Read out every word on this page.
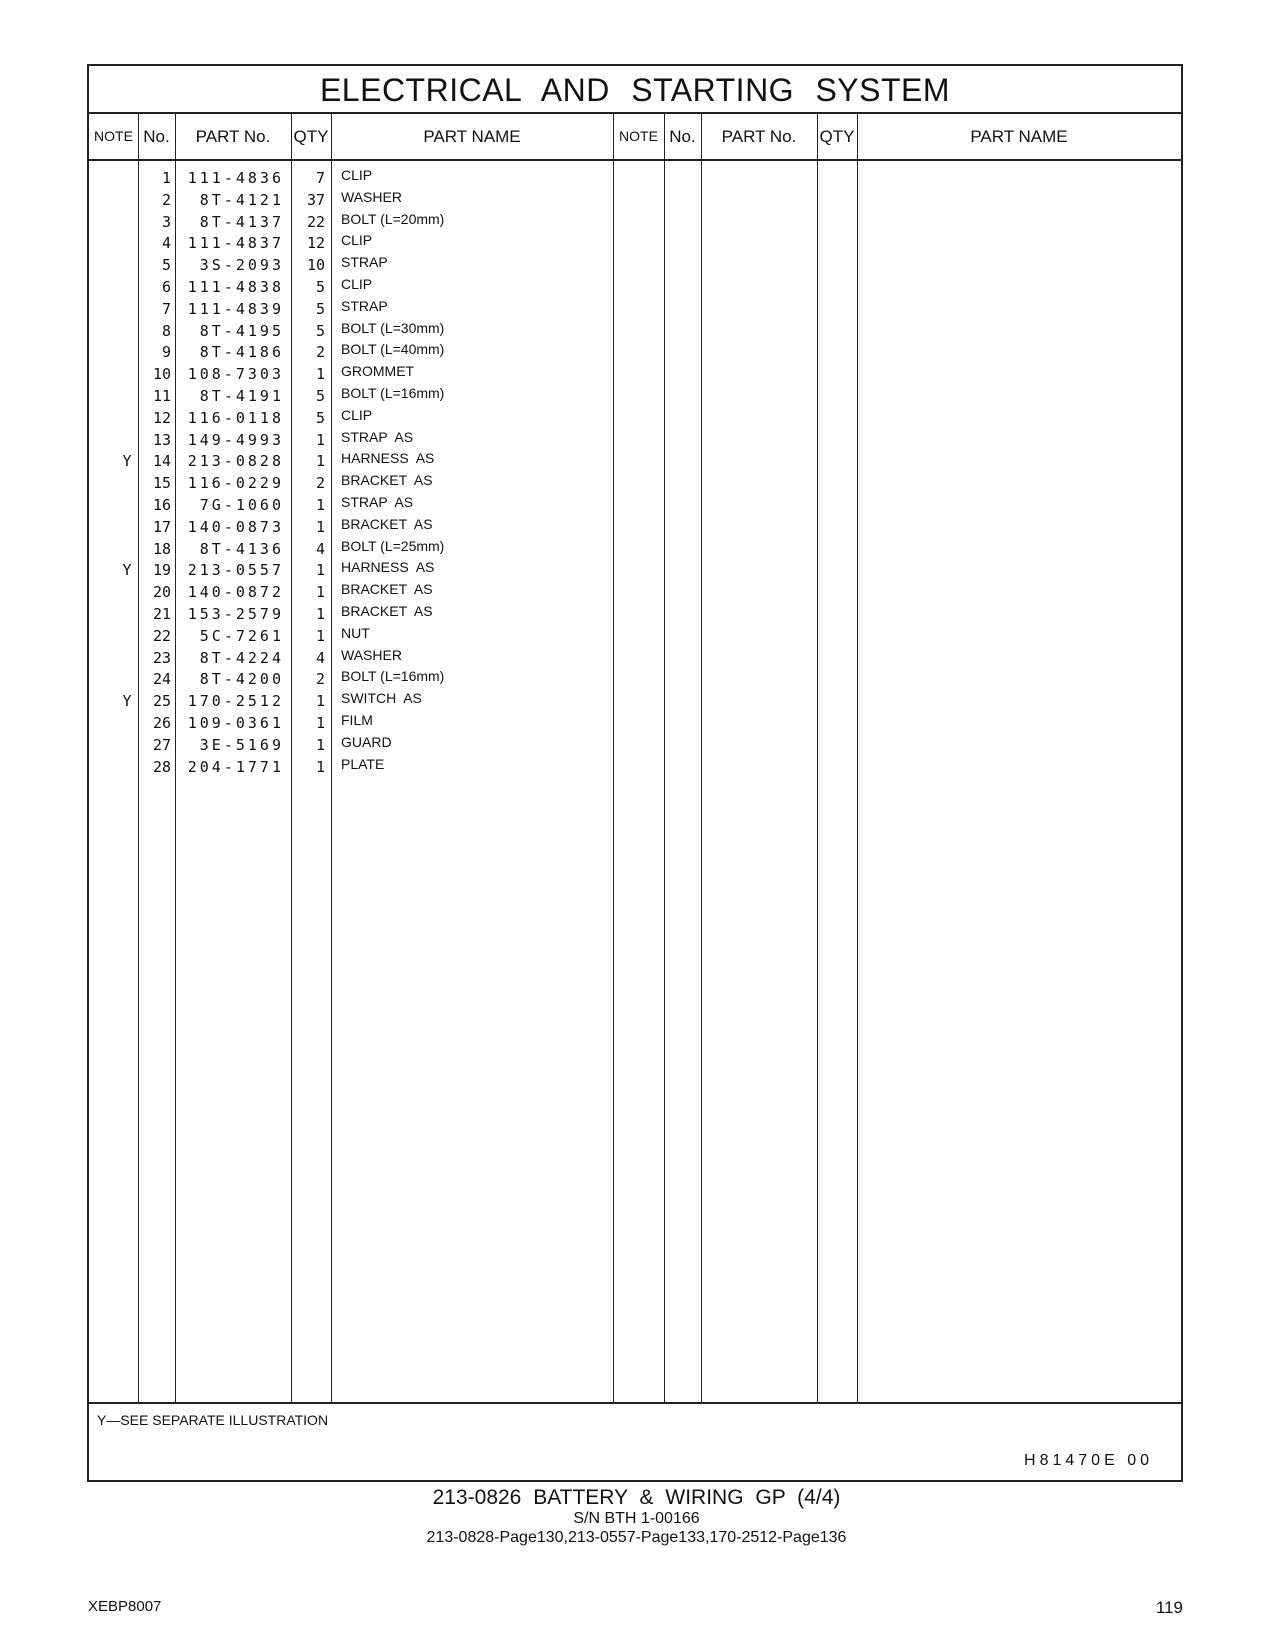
ELECTRICAL AND STARTING SYSTEM
NOTE No.	PART No.	QTY	PART NAME	NOTE No.	PART No.	QTY	PART NAME
1	111-4836	7 CLIP
2	8T-4121	37 WASHER
3	8T-4137	22 BOLT (L=20mm)
4	111-4837	12 CLIP
5	3S-2093	10 STRAP
6	111-4838	5 CLIP
7	111-4839	5 STRAP
8	8T-4195	5 BOLT (L=30mm)
9	8T-4186	2 BOLT (L=40mm)
10	108-7303	1 GROMMET
11	8T-4191	5 BOLT (L=16mm)
12	116-0118	5 CLIP
13	149-4993	1 STRAP  AS
Y	14	213-0828	1 HARNESS  AS
15	116-0229	2 BRACKET  AS
16	7G-1060	1 STRAP  AS
17	140-0873	1 BRACKET  AS
18	8T-4136	4 BOLT (L=25mm)
Y	19	213-0557	1 HARNESS  AS
20	140-0872	1 BRACKET  AS
21	153-2579	1 BRACKET  AS
22	5C-7261	1 NUT
23	8T-4224	4 WASHER
24	8T-4200	2 BOLT (L=16mm)
Y	25	170-2512	1 SWITCH  AS
26	109-0361	1 FILM
27	3E-5169	1 GUARD
28	204-1771	1 PLATE
Y—SEE SEPARATE ILLUSTRATION
H81470E 00
213-0826 BATTERY & WIRING GP (4/4)
S/N BTH 1-00166
213-0828-Page130,213-0557-Page133,170-2512-Page136
XEBP8007	119
